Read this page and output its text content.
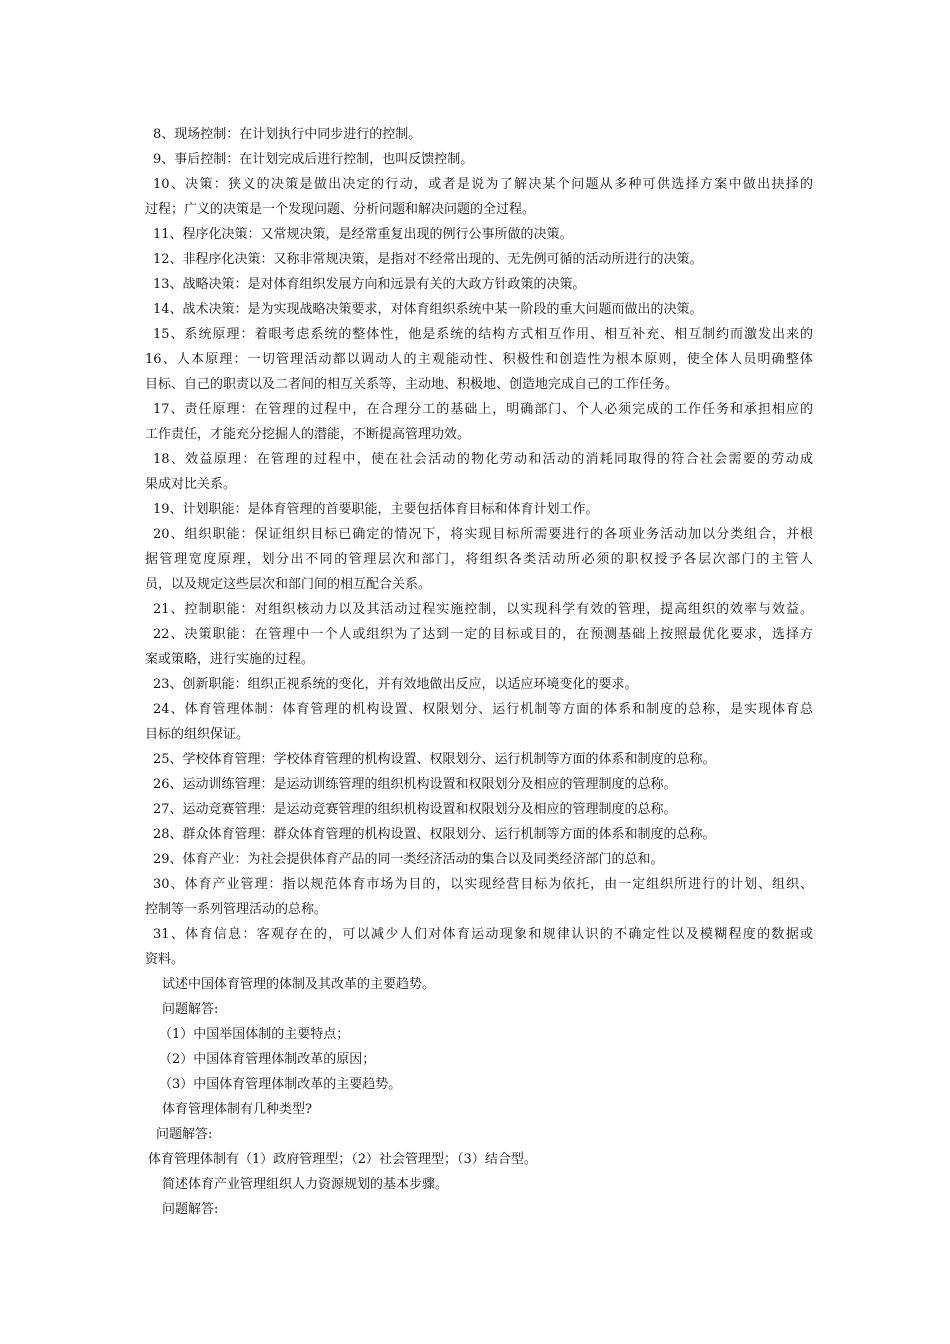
8、现场控制：在计划执行中同步进行的控制。
9、事后控制：在计划完成后进行控制，也叫反馈控制。
10、决策：狭义的决策是做出决定的行动，或者是说为了解决某个问题从多种可供选择方案中做出抉择的
过程；广义的决策是一个发现问题、分析问题和解决问题的全过程。
11、程序化决策：又常规决策，是经常重复出现的例行公事所做的决策。
12、非程序化决策：又称非常规决策，是指对不经常出现的、无先例可循的活动所进行的决策。
13、战略决策：是对体育组织发展方向和远景有关的大政方针政策的决策。
14、战术决策：是为实现战略决策要求，对体育组织系统中某一阶段的重大问题而做出的决策。
15、系统原理：着眼考虑系统的整体性，他是系统的结构方式相互作用、相互补充、相互制约而激发出来的
16、人本原理：一切管理活动都以调动人的主观能动性、积极性和创造性为根本原则，使全体人员明确整体
目标、自己的职责以及二者间的相互关系等，主动地、积极地、创造地完成自己的工作任务。
17、责任原理：在管理的过程中，在合理分工的基础上，明确部门、个人必须完成的工作任务和承担相应的
工作责任，才能充分挖掘人的潜能，不断提高管理功效。
18、效益原理：在管理的过程中，使在社会活动的物化劳动和活动的消耗同取得的符合社会需要的劳动成
果成对比关系。
19、计划职能：是体育管理的首要职能，主要包括体育目标和体育计划工作。
20、组织职能：保证组织目标已确定的情况下，将实现目标所需要进行的各项业务活动加以分类组合，并根
据管理宽度原理，划分出不同的管理层次和部门，将组织各类活动所必须的职权授予各层次部门的主管人
员，以及规定这些层次和部门间的相互配合关系。
21、控制职能：对组织核动力以及其活动过程实施控制，以实现科学有效的管理，提高组织的效率与效益。
22、决策职能：在管理中一个人或组织为了达到一定的目标或目的，在预测基础上按照最优化要求，选择方
案或策略，进行实施的过程。
23、创新职能：组织正视系统的变化，并有效地做出反应，以适应环境变化的要求。
24、体育管理体制：体育管理的机构设置、权限划分、运行机制等方面的体系和制度的总称，是实现体育总
目标的组织保证。
25、学校体育管理：学校体育管理的机构设置、权限划分、运行机制等方面的体系和制度的总称。
26、运动训练管理：是运动训练管理的组织机构设置和权限划分及相应的管理制度的总称。
27、运动竞赛管理：是运动竞赛管理的组织机构设置和权限划分及相应的管理制度的总称。
28、群众体育管理：群众体育管理的机构设置、权限划分、运行机制等方面的体系和制度的总称。
29、体育产业：为社会提供体育产品的同一类经济活动的集合以及同类经济部门的总和。
30、体育产业管理：指以规范体育市场为目的，以实现经营目标为依托，由一定组织所进行的计划、组织、
控制等一系列管理活动的总称。
31、体育信息：客观存在的，可以减少人们对体育运动现象和规律认识的不确定性以及模糊程度的数据或
资料。
试述中国体育管理的体制及其改革的主要趋势。
问题解答:
（1）中国举国体制的主要特点；
（2）中国体育管理体制改革的原因；
（3）中国体育管理体制改革的主要趋势。
体育管理体制有几种类型?
问题解答:
体育管理体制有（1）政府管理型；（2）社会管理型；（3）结合型。
简述体育产业管理组织人力资源规划的基本步骤。
问题解答:
